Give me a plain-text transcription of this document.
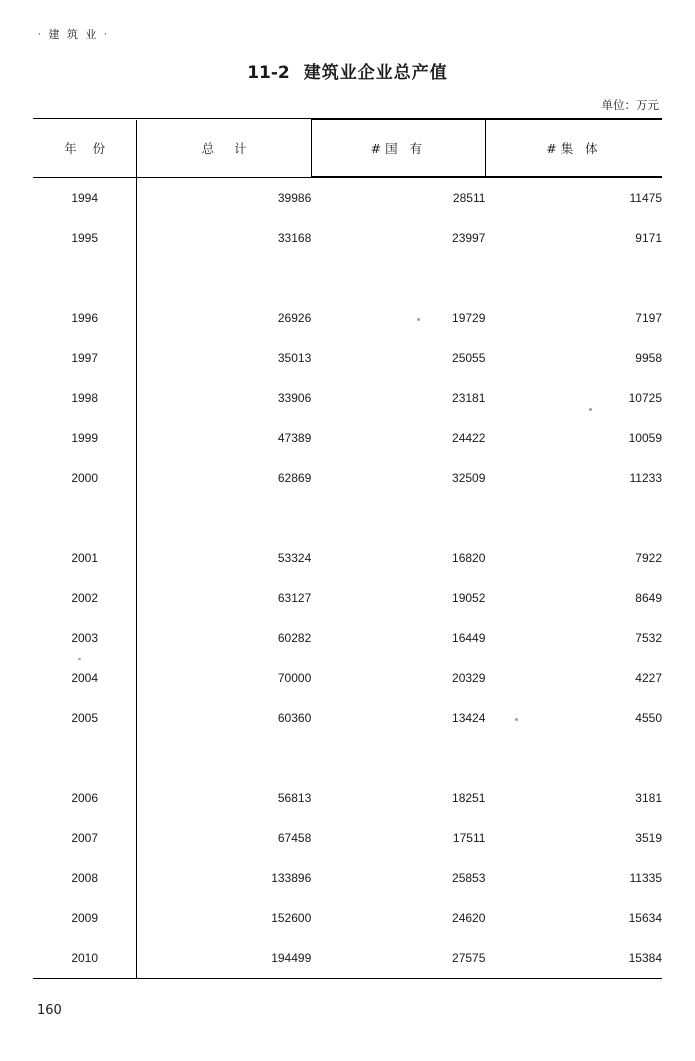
· 建 筑 业 ·
11-2 建筑业企业总产值
单位：万元

年 份	总 计	#国 有	#集 体

1994	39986	28511	11475
1995	33168	23997	9171

1996	26926	19729	7197
1997	35013	25055	9958
1998	33906	23181	10725
1999	47389	24422	10059
2000	62869	32509	11233

2001	53324	16820	7922
2002	63127	19052	8649
2003	60282	16449	7532
2004	70000	20329	4227
2005	60360	13424	4550

2006	56813	18251	3181
2007	67458	17511	3519
2008	133896	25853	11335
2009	152600	24620	15634
2010	194499	27575	15384

160
